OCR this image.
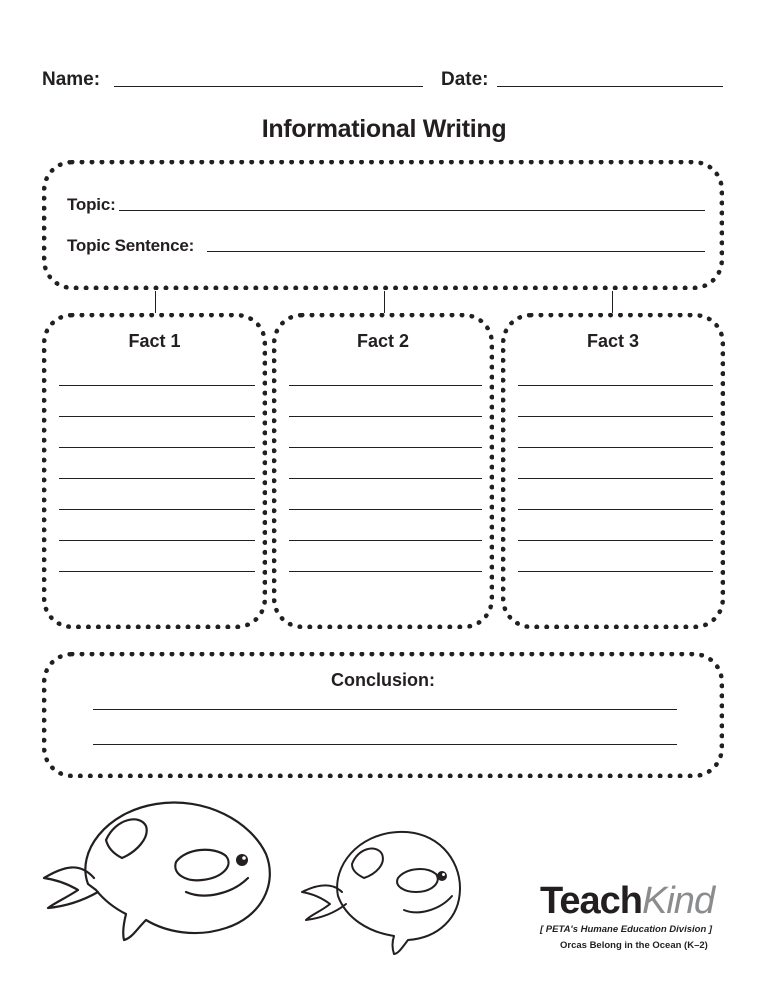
Name:	Date:
Informational Writing
Topic:
Topic Sentence:
Fact 1	Fact 2	Fact 3
Conclusion:
TeachKind
[ PETA's Humane Education Division ]
Orcas Belong in the Ocean (K–2)
